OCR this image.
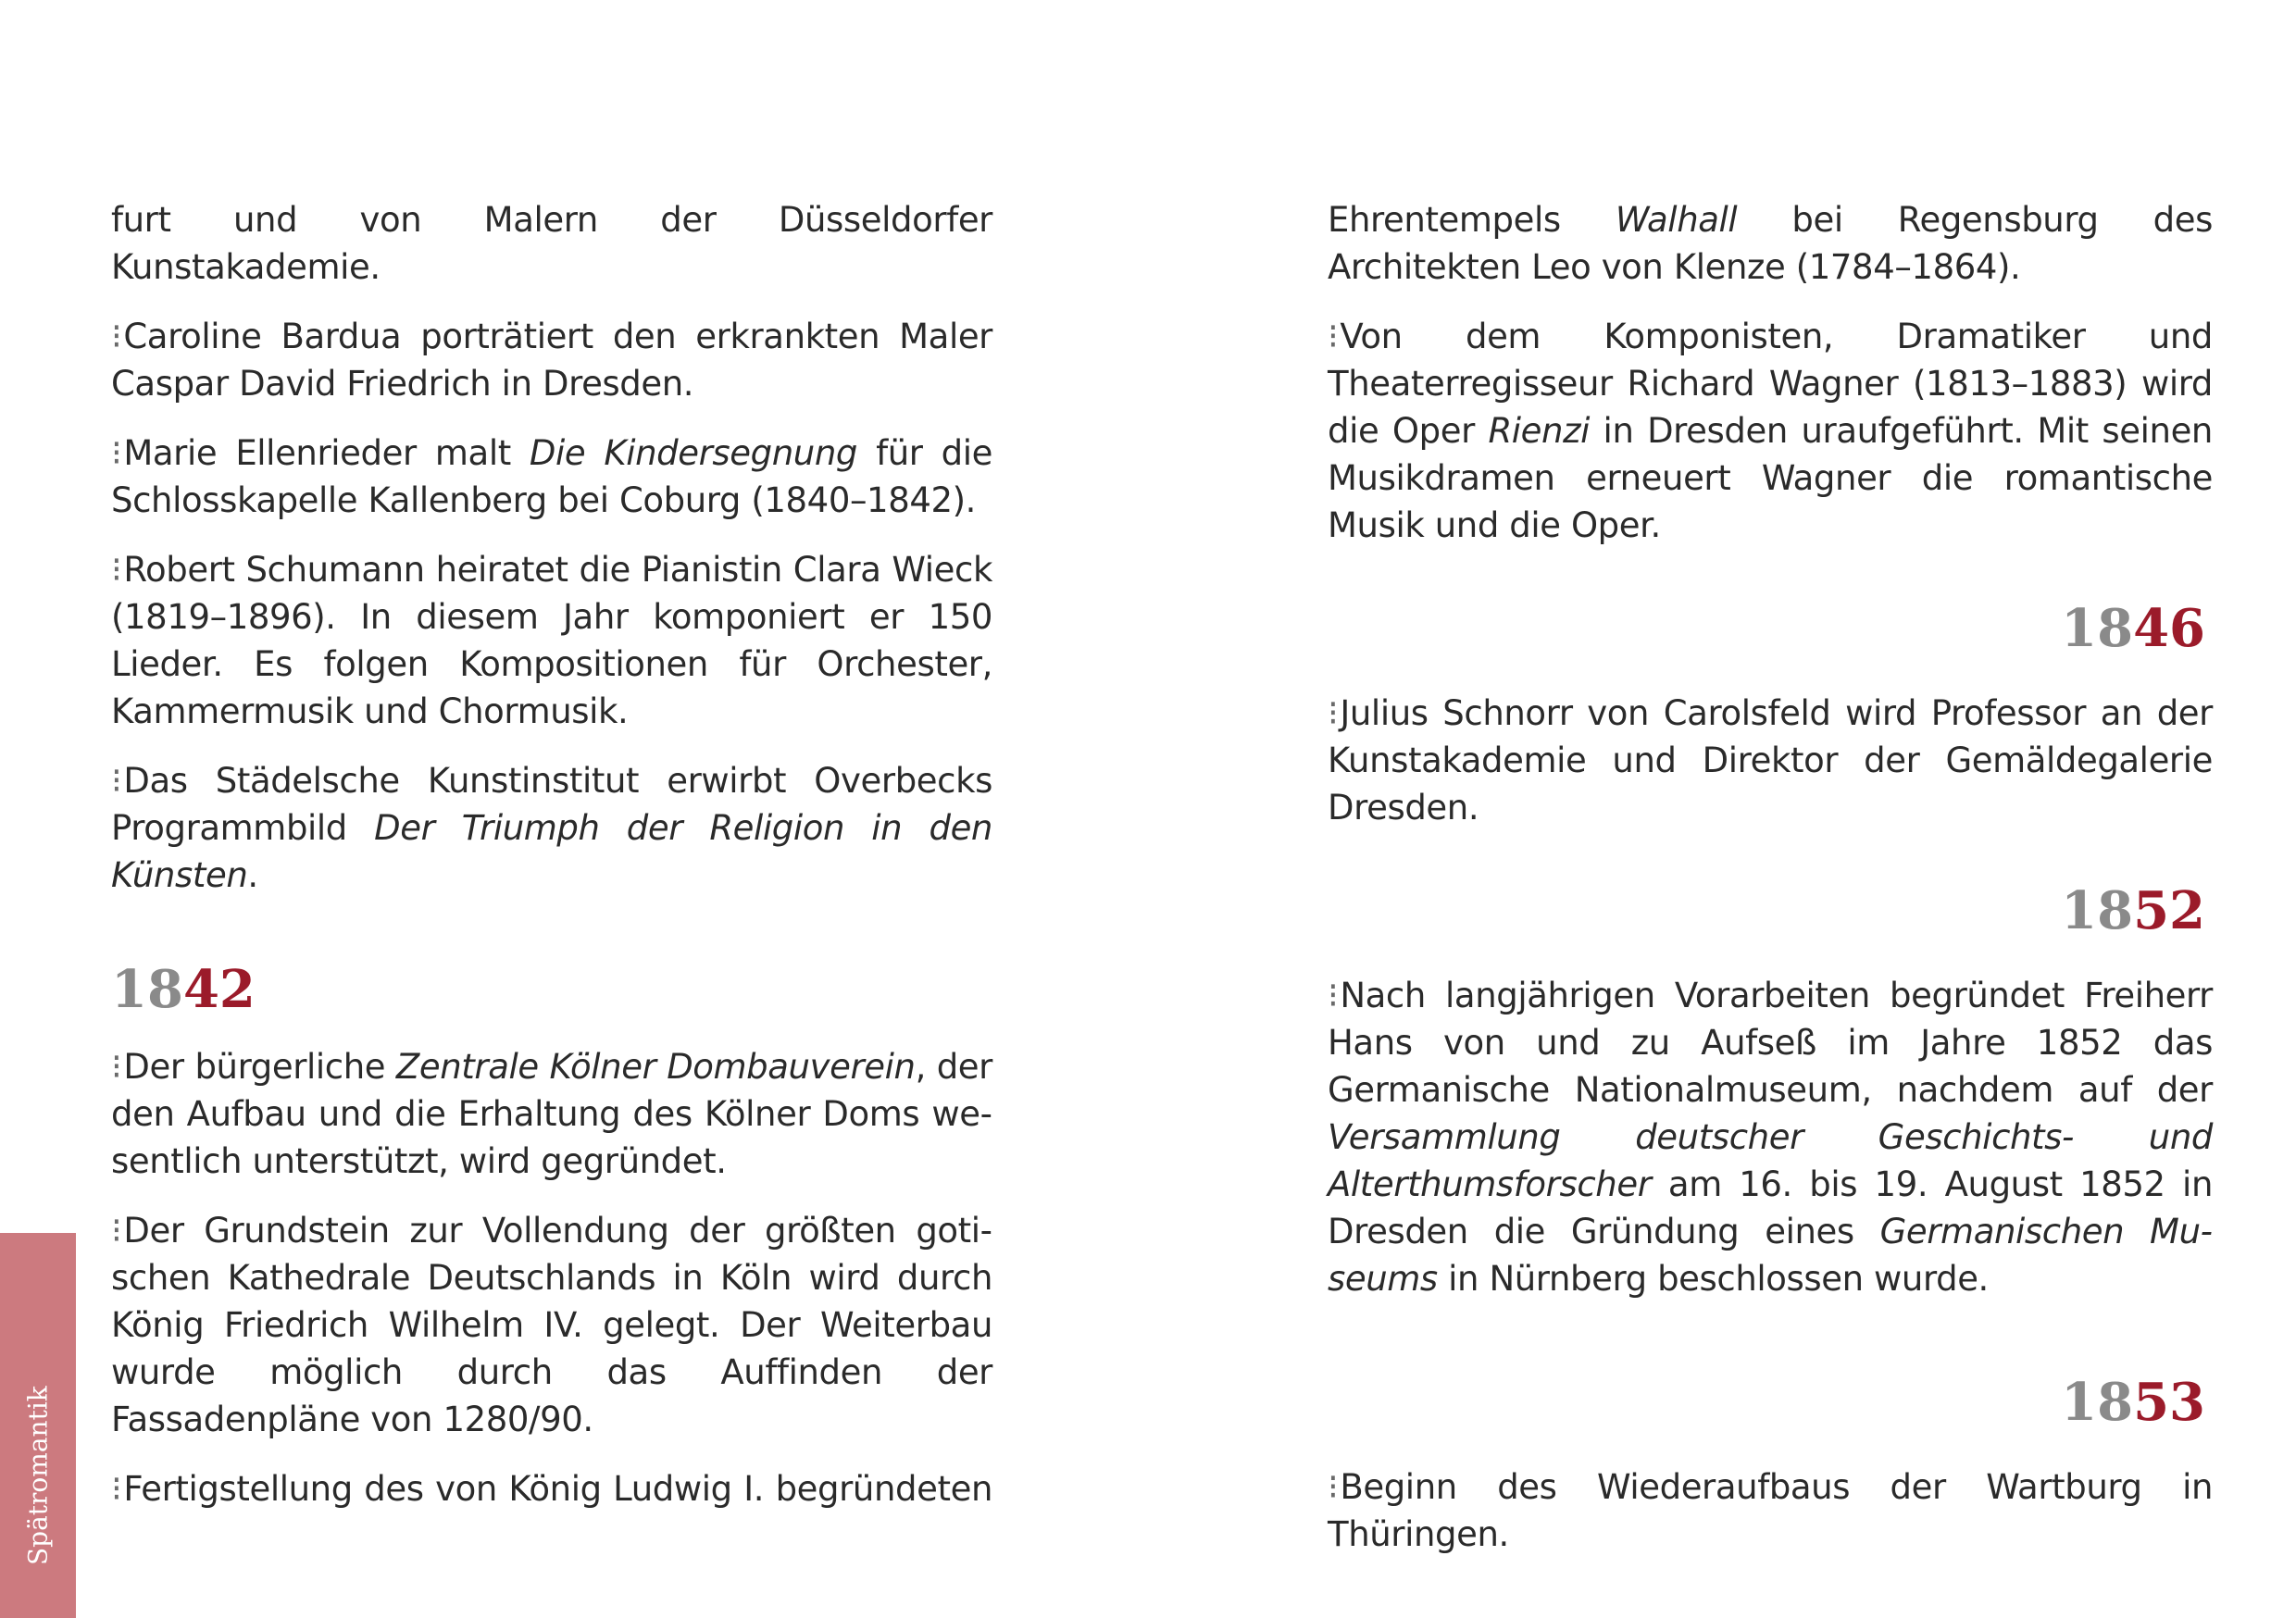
furt und von Malern der Düsseldorfer Kunstakademie.

⁝Caroline Bardua porträtiert den erkrankten Maler Caspar David Friedrich in Dresden.

⁝Marie Ellenrieder malt Die Kindersegnung für die Schlosskapelle Kallenberg bei Coburg (1840–1842).

⁝Robert Schumann heiratet die Pianistin Clara Wieck (1819–1896). In diesem Jahr komponiert er 150 Lieder. Es folgen Kompositionen für Orchester, Kammermusik und Chormusik.

⁝Das Städelsche Kunstinstitut erwirbt Overbecks Programmbild Der Triumph der Religion in den Künsten.

1842

⁝Der bürgerliche Zentrale Kölner Dombauverein, der den Aufbau und die Erhaltung des Kölner Doms wesentlich unterstützt, wird gegründet.

⁝Der Grundstein zur Vollendung der größten gotischen Kathedrale Deutschlands in Köln wird durch König Friedrich Wilhelm IV. gelegt. Der Weiterbau wurde möglich durch das Auffinden der Fassadenpläne von 1280/90.

⁝Fertigstellung des von König Ludwig I. begründeten

Ehrentempels Walhall bei Regensburg des Architekten Leo von Klenze (1784–1864).

⁝Von dem Komponisten, Dramatiker und Theaterregisseur Richard Wagner (1813–1883) wird die Oper Rienzi in Dresden uraufgeführt. Mit seinen Musikdramen erneuert Wagner die romantische Musik und die Oper.

1846

⁝Julius Schnorr von Carolsfeld wird Professor an der Kunstakademie und Direktor der Gemäldegalerie Dresden.

1852

⁝Nach langjährigen Vorarbeiten begründet Freiherr Hans von und zu Aufseß im Jahre 1852 das Germanische Nationalmuseum, nachdem auf der Versammlung deutscher Geschichts- und Alterthumsforscher am 16. bis 19. August 1852 in Dresden die Gründung eines Germanischen Museums in Nürnberg beschlossen wurde.

1853

⁝Beginn des Wiederaufbaus der Wartburg in Thüringen.

Spätromantik
